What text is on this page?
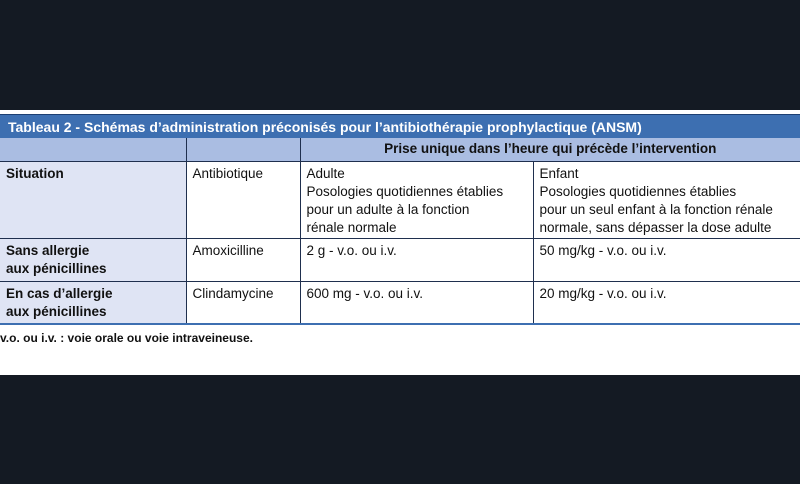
Tableau 2 - Schémas d’administration préconisés pour l’antibiothérapie prophylactique (ANSM)
		Prise unique dans l’heure qui précède l’intervention	
Situation	Antibiotique	Adulte
Posologies quotidiennes établies
pour un adulte à la fonction
rénale normale	Enfant
Posologies quotidiennes établies
pour un seul enfant à la fonction rénale
normale, sans dépasser la dose adulte

Sans allergie
aux pénicillines	Amoxicilline	2 g - v.o. ou i.v.	50 mg/kg - v.o. ou i.v.

En cas d’allergie
aux pénicillines	Clindamycine	600 mg - v.o. ou i.v.	20 mg/kg - v.o. ou i.v.
v.o. ou i.v. : voie orale ou voie intraveineuse.
